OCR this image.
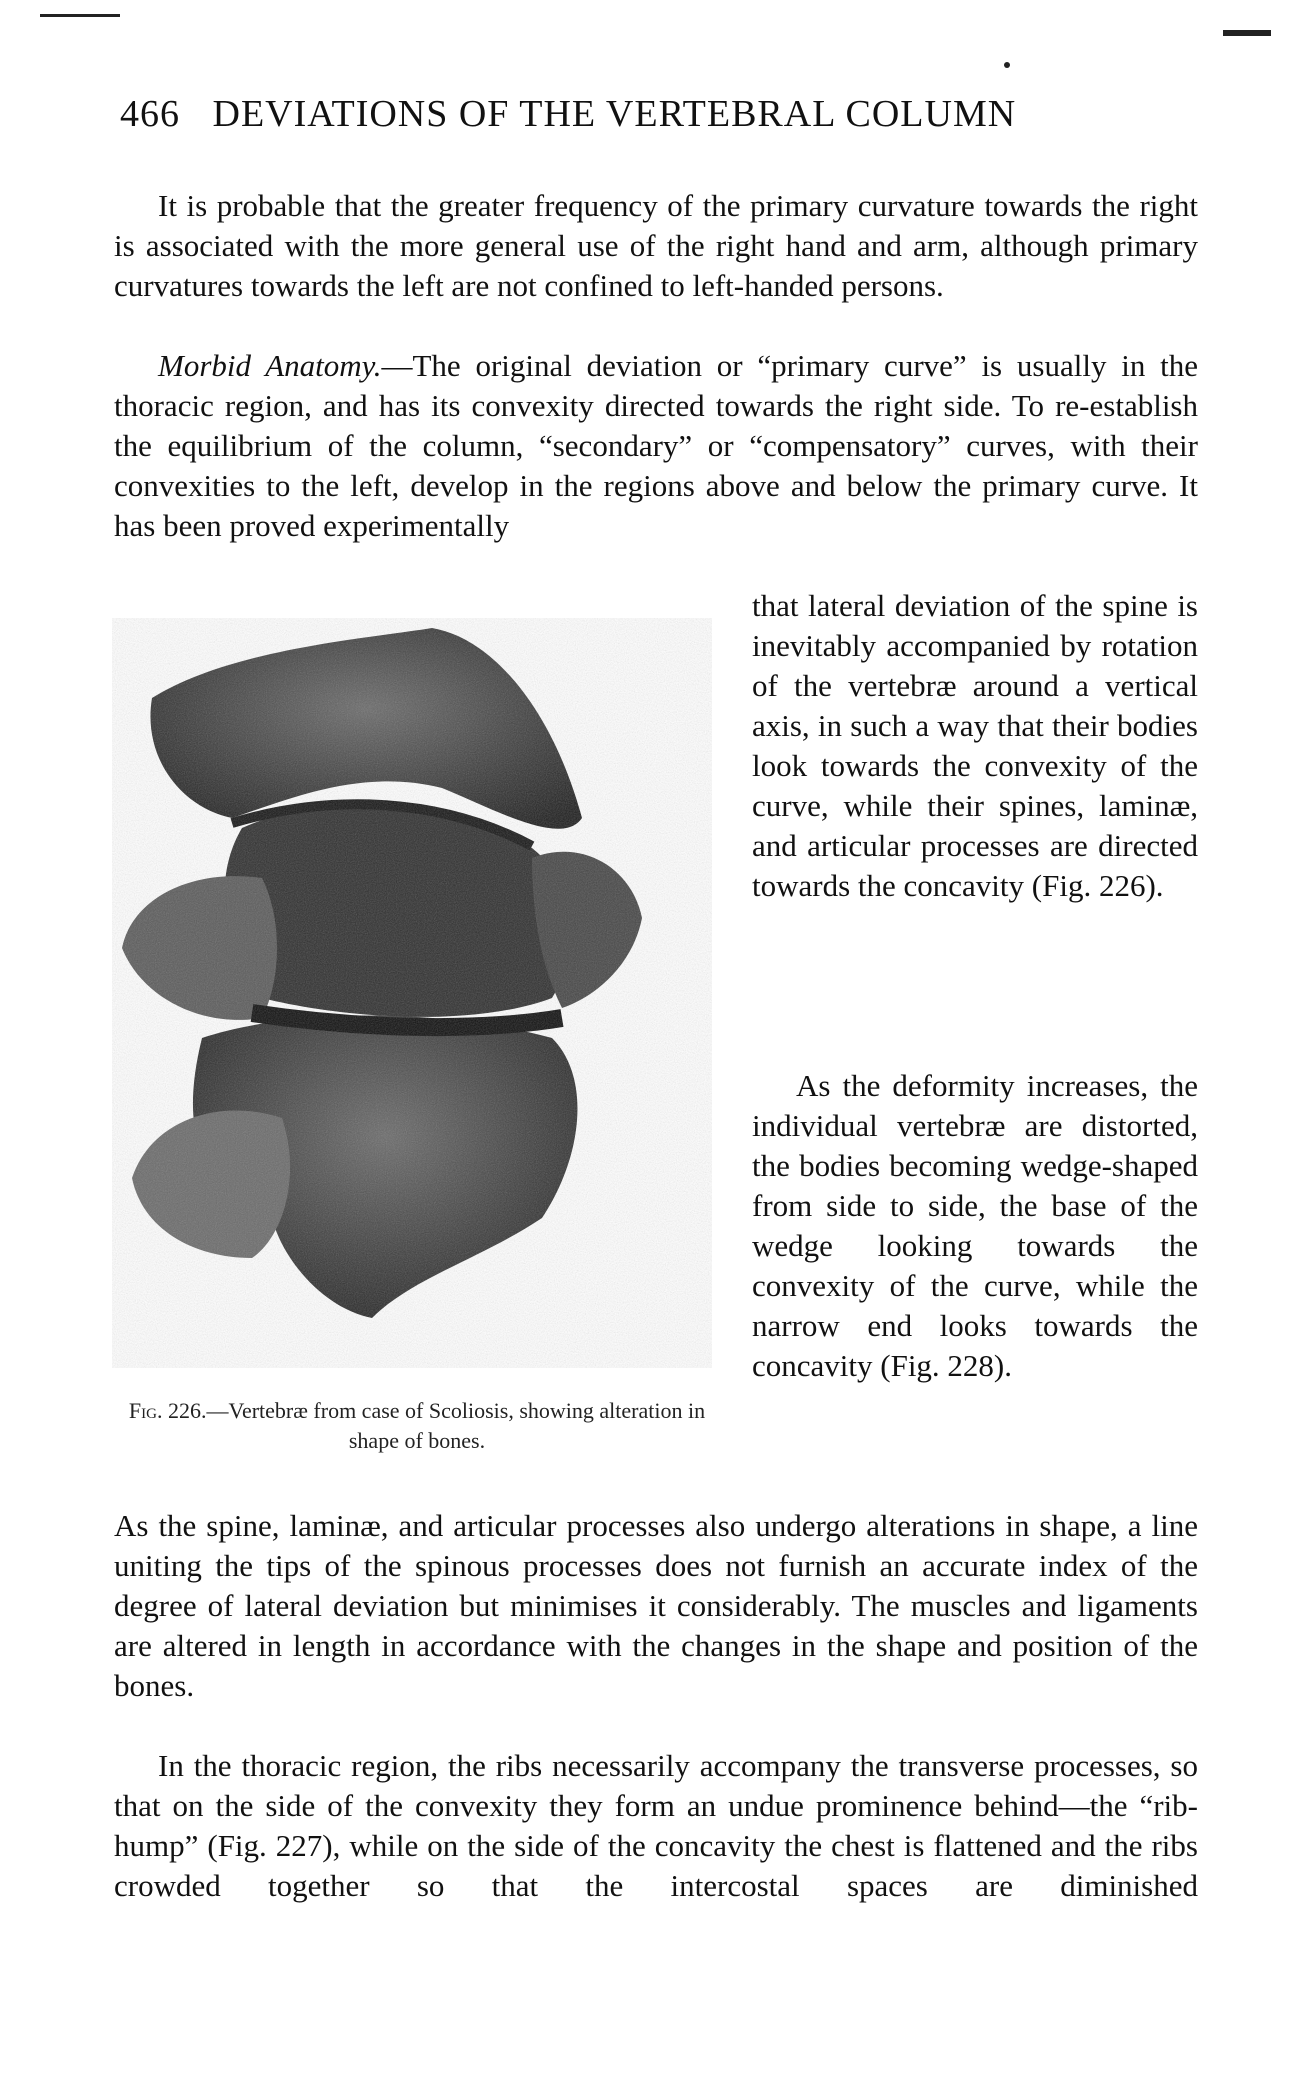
466 DEVIATIONS OF THE VERTEBRAL COLUMN

It is probable that the greater frequency of the primary curvature towards the right is associated with the more general use of the right hand and arm, although primary curvatures towards the left are not confined to left-handed persons.

Morbid Anatomy.—The original deviation or “primary curve” is usually in the thoracic region, and has its convexity directed towards the right side. To re-establish the equilibrium of the column, “secondary” or “compensatory” curves, with their convexities to the left, develop in the regions above and below the primary curve. It has been proved experimentally

Fig. 226.—Vertebræ from case of Scoliosis, showing alteration in shape of bones.

that lateral deviation of the spine is inevitably accompanied by rotation of the vertebræ around a vertical axis, in such a way that their bodies look towards the convexity of the curve, while their spines, laminæ, and articular processes are directed towards the concavity (Fig. 226).

As the deformity increases, the individual vertebræ are distorted, the bodies becoming wedge-shaped from side to side, the base of the wedge looking towards the convexity of the curve, while the narrow end looks towards the concavity (Fig. 228).

As the spine, laminæ, and articular processes also undergo alterations in shape, a line uniting the tips of the spinous processes does not furnish an accurate index of the degree of lateral deviation but minimises it considerably. The muscles and ligaments are altered in length in accordance with the changes in the shape and position of the bones.

In the thoracic region, the ribs necessarily accompany the transverse processes, so that on the side of the convexity they form an undue prominence behind—the “rib-hump” (Fig. 227), while on the side of the concavity the chest is flattened and the ribs crowded together so that the intercostal spaces are diminished
